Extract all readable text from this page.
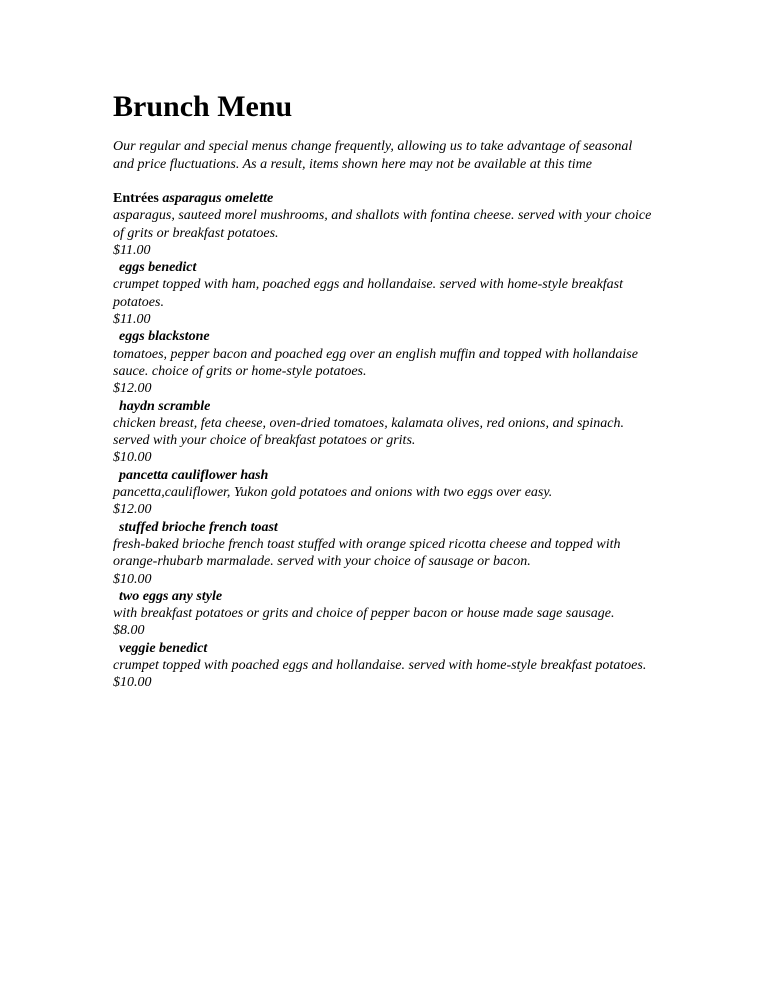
Brunch Menu

Our regular and special menus change frequently, allowing us to take advantage of seasonal and price fluctuations. As a result, items shown here may not be available at this time

Entrées asparagus omelette
asparagus, sauteed morel mushrooms, and shallots with fontina cheese. served with your choice of grits or breakfast potatoes.
$11.00
eggs benedict
crumpet topped with ham, poached eggs and hollandaise. served with home-style breakfast potatoes.
$11.00
eggs blackstone
tomatoes, pepper bacon and poached egg over an english muffin and topped with hollandaise sauce. choice of grits or home-style potatoes.
$12.00
haydn scramble
chicken breast, feta cheese, oven-dried tomatoes, kalamata olives, red onions, and spinach. served with your choice of breakfast potatoes or grits.
$10.00
pancetta cauliflower hash
pancetta,cauliflower, Yukon gold potatoes and onions with two eggs over easy.
$12.00
stuffed brioche french toast
fresh-baked brioche french toast stuffed with orange spiced ricotta cheese and topped with orange-rhubarb marmalade. served with your choice of sausage or bacon.
$10.00
two eggs any style
with breakfast potatoes or grits and choice of pepper bacon or house made sage sausage.
$8.00
veggie benedict
crumpet topped with poached eggs and hollandaise. served with home-style breakfast potatoes.
$10.00
